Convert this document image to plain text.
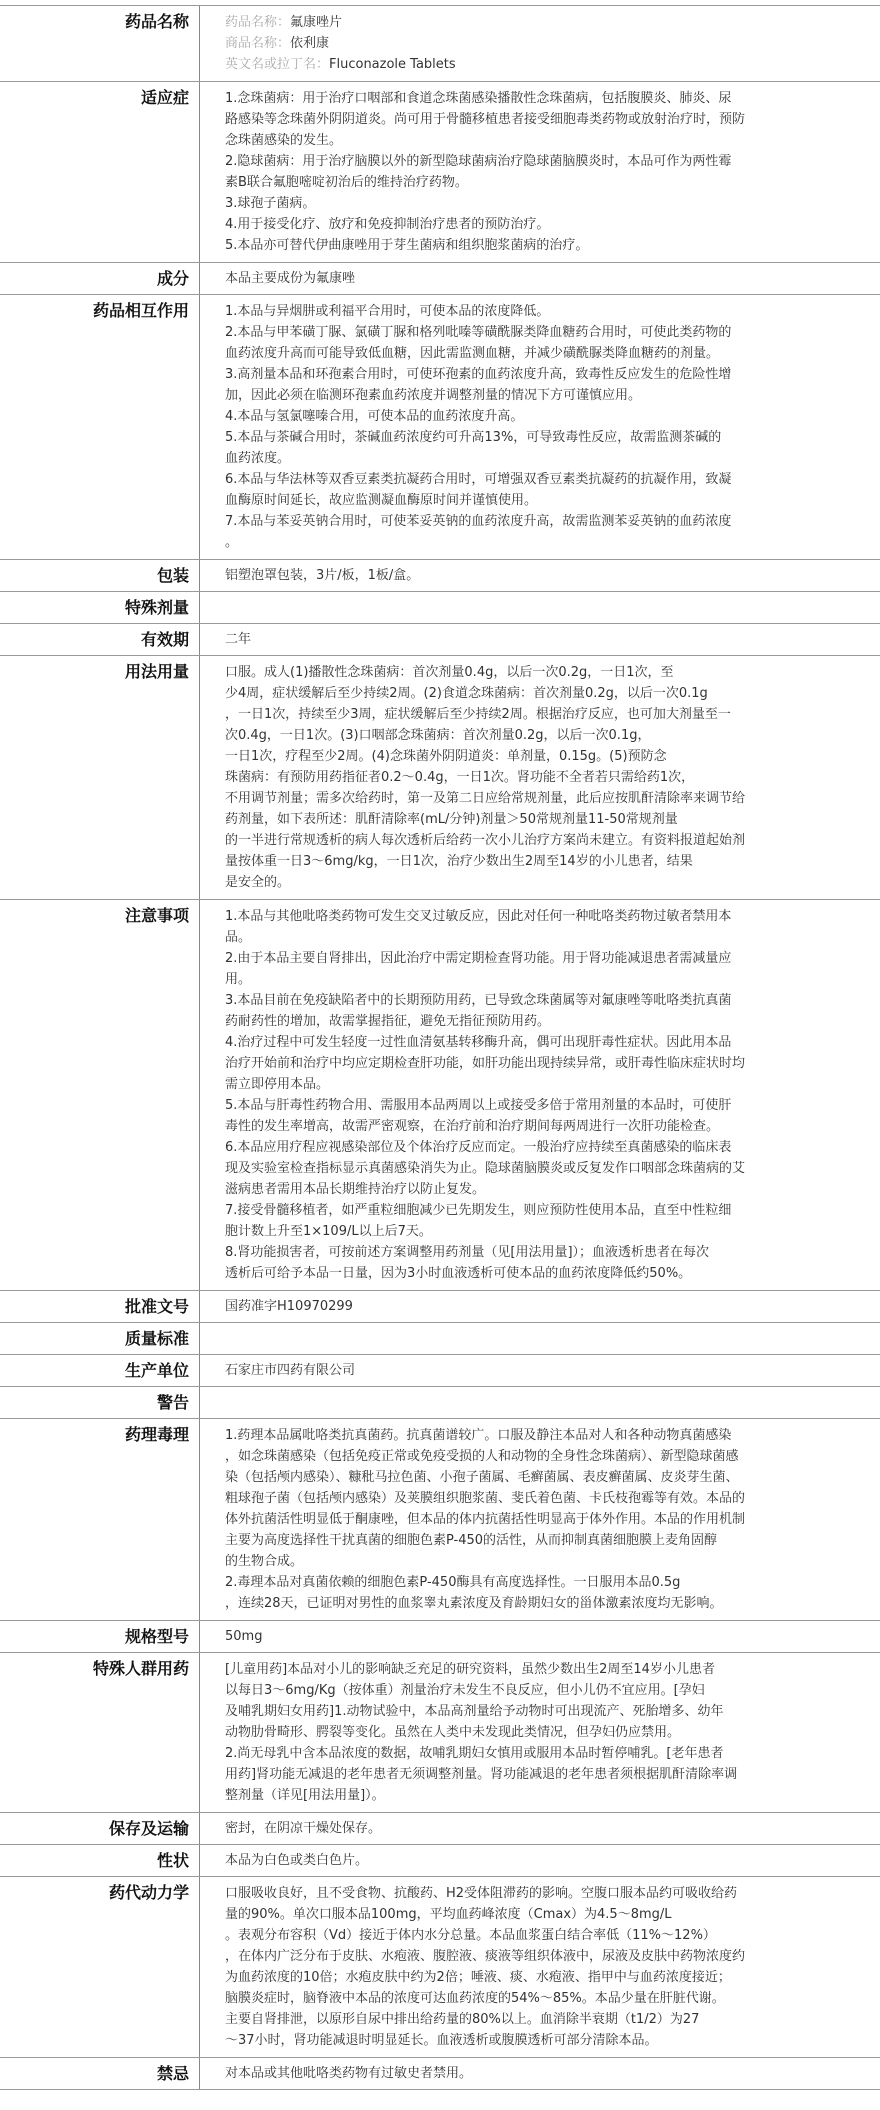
药品名称	药品名称：氟康唑片
商品名称：依利康
英文名或拉丁名：Fluconazole Tablets
适应症	1.念珠菌病：用于治疗口咽部和食道念珠菌感染播散性念珠菌病，包括腹膜炎、肺炎、尿
路感染等念珠菌外阴阴道炎。尚可用于骨髓移植患者接受细胞毒类药物或放射治疗时，预防
念珠菌感染的发生。
2.隐球菌病：用于治疗脑膜以外的新型隐球菌病治疗隐球菌脑膜炎时，本品可作为两性霉
素B联合氟胞嘧啶初治后的维持治疗药物。
3.球孢子菌病。
4.用于接受化疗、放疗和免疫抑制治疗患者的预防治疗。
5.本品亦可替代伊曲康唑用于芽生菌病和组织胞浆菌病的治疗。
成分	本品主要成份为氟康唑
药品相互作用	1.本品与异烟肼或利福平合用时，可使本品的浓度降低。
2.本品与甲苯磺丁脲、氯磺丁脲和格列吡嗪等磺酰脲类降血糖药合用时，可使此类药物的
血药浓度升高而可能导致低血糖，因此需监测血糖，并减少磺酰脲类降血糖药的剂量。
3.高剂量本品和环孢素合用时，可使环孢素的血药浓度升高，致毒性反应发生的危险性增
加，因此必须在临测环孢素血药浓度并调整剂量的情况下方可谨慎应用。
4.本品与氢氯噻嗪合用，可使本品的血药浓度升高。
5.本品与茶碱合用时，茶碱血药浓度约可升高13%，可导致毒性反应，故需监测茶碱的
血药浓度。
6.本品与华法林等双香豆素类抗凝药合用时，可增强双香豆素类抗凝药的抗凝作用，致凝
血酶原时间延长，故应监测凝血酶原时间并谨慎使用。
7.本品与苯妥英钠合用时，可使苯妥英钠的血药浓度升高，故需监测苯妥英钠的血药浓度
。
包装	铝塑泡罩包装，3片/板，1板/盒。
特殊剂量

有效期	二年
用法用量	口服。成人(1)播散性念珠菌病：首次剂量0.4g，以后一次0.2g，一日1次，至
少4周，症状缓解后至少持续2周。(2)食道念珠菌病：首次剂量0.2g，以后一次0.1g
，一日1次，持续至少3周，症状缓解后至少持续2周。根据治疗反应，也可加大剂量至一
次0.4g，一日1次。(3)口咽部念珠菌病：首次剂量0.2g，以后一次0.1g，
一日1次，疗程至少2周。(4)念珠菌外阴阴道炎：单剂量，0.15g。(5)预防念
珠菌病：有预防用药指征者0.2～0.4g，一日1次。肾功能不全者若只需给药1次，
不用调节剂量；需多次给药时，第一及第二日应给常规剂量，此后应按肌酐清除率来调节给
药剂量，如下表所述：肌酐清除率(mL/分钟)剂量＞50常规剂量11-50常规剂量
的一半进行常规透析的病人每次透析后给药一次小儿治疗方案尚未建立。有资料报道起始剂
量按体重一日3～6mg/kg，一日1次，治疗少数出生2周至14岁的小儿患者，结果
是安全的。
注意事项	1.本品与其他吡咯类药物可发生交叉过敏反应，因此对任何一种吡咯类药物过敏者禁用本
品。
2.由于本品主要自肾排出，因此治疗中需定期检查肾功能。用于肾功能减退患者需减量应
用。
3.本品目前在免疫缺陷者中的长期预防用药，已导致念珠菌属等对氟康唑等吡咯类抗真菌
药耐药性的增加，故需掌握指征，避免无指征预防用药。
4.治疗过程中可发生轻度一过性血清氨基转移酶升高，偶可出现肝毒性症状。因此用本品
治疗开始前和治疗中均应定期检查肝功能，如肝功能出现持续异常，或肝毒性临床症状时均
需立即停用本品。
5.本品与肝毒性药物合用、需服用本品两周以上或接受多倍于常用剂量的本品时，可使肝
毒性的发生率增高，故需严密观察，在治疗前和治疗期间每两周进行一次肝功能检查。
6.本品应用疗程应视感染部位及个体治疗反应而定。一般治疗应持续至真菌感染的临床表
现及实验室检查指标显示真菌感染消失为止。隐球菌脑膜炎或反复发作口咽部念珠菌病的艾
滋病患者需用本品长期维持治疗以防止复发。
7.接受骨髓移植者，如严重粒细胞减少已先期发生，则应预防性使用本品，直至中性粒细
胞计数上升至1×109/L以上后7天。
8.肾功能损害者，可按前述方案调整用药剂量（见[用法用量]）；血液透析患者在每次
透析后可给予本品一日量，因为3小时血液透析可使本品的血药浓度降低约50%。
批准文号	国药准字H10970299
质量标准

生产单位	石家庄市四药有限公司
警告

药理毒理	1.药理本品属吡咯类抗真菌药。抗真菌谱较广。口服及静注本品对人和各种动物真菌感染
，如念珠菌感染（包括免疫正常或免疫受损的人和动物的全身性念珠菌病）、新型隐球菌感
染（包括颅内感染）、糠秕马拉色菌、小孢子菌属、毛癣菌属、表皮癣菌属、皮炎芽生菌、
粗球孢子菌（包括颅内感染）及荚膜组织胞浆菌、斐氏着色菌、卡氏枝孢霉等有效。本品的
体外抗菌活性明显低于酮康唑，但本品的体内抗菌括性明显高于体外作用。本品的作用机制
主要为高度选择性干扰真菌的细胞色素P-450的活性，从而抑制真菌细胞膜上麦角固醇
的生物合成。
2.毒理本品对真菌依赖的细胞色素P-450酶具有高度选择性。一日服用本品0.5g
，连续28天，已证明对男性的血浆睾丸素浓度及育龄期妇女的甾体激素浓度均无影响。
规格型号	50mg
特殊人群用药	[儿童用药]本品对小儿的影响缺乏充足的研究资料，虽然少数出生2周至14岁小儿患者
以每日3～6mg/Kg（按体重）剂量治疗未发生不良反应，但小儿仍不宜应用。[孕妇
及哺乳期妇女用药]1.动物试验中，本品高剂量给予动物时可出现流产、死胎增多、幼年
动物肋骨畸形、腭裂等变化。虽然在人类中未发现此类情况，但孕妇仍应禁用。
2.尚无母乳中含本品浓度的数据，故哺乳期妇女慎用或服用本品时暂停哺乳。[老年患者
用药]肾功能无减退的老年患者无须调整剂量。肾功能减退的老年患者须根据肌酐清除率调
整剂量（详见[用法用量]）。
保存及运输	密封，在阴凉干燥处保存。
性状	本品为白色或类白色片。
药代动力学	口服吸收良好，且不受食物、抗酸药、H2受体阻滞药的影响。空腹口服本品约可吸收给药
量的90%。单次口服本品100mg，平均血药峰浓度（Cmax）为4.5～8mg/L
。表观分布容积（Vd）接近于体内水分总量。本品血浆蛋白结合率低（11%～12%）
，在体内广泛分布于皮肤、水疱液、腹腔液、痰液等组织体液中，尿液及皮肤中药物浓度约
为血药浓度的10倍；水疱皮肤中约为2倍；唾液、痰、水疱液、指甲中与血药浓度接近；
脑膜炎症时，脑脊液中本品的浓度可达血药浓度的54%～85%。本品少量在肝脏代谢。
主要自肾排泄，以原形自尿中排出给药量的80%以上。血消除半衰期（t1/2）为27
～37小时，肾功能减退时明显延长。血液透析或腹膜透析可部分清除本品。
禁忌	对本品或其他吡咯类药物有过敏史者禁用。
